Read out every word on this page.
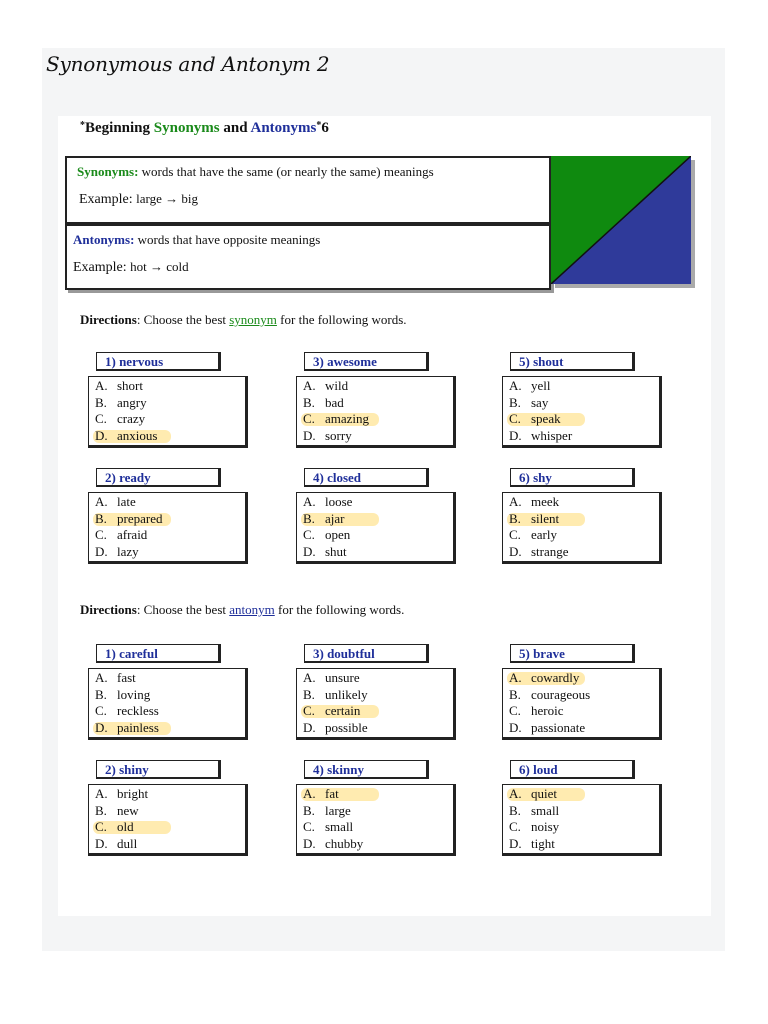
Synonymous and Antonym 2
*Beginning Synonyms and Antonyms*6
Synonyms: words that have the same (or nearly the same) meanings
Example: large → big
Antonyms: words that have opposite meanings
Example: hot → cold
Directions: Choose the best synonym for the following words.
Directions: Choose the best antonym for the following words.
1) nervous
A. short
B. angry
C. crazy
D. anxious
3) awesome
A. wild
B. bad
C. amazing
D. sorry
5) shout
A. yell
B. say
C. speak
D. whisper
2) ready
A. late
B. prepared
C. afraid
D. lazy
4) closed
A. loose
B. ajar
C. open
D. shut
6) shy
A. meek
B. silent
C. early
D. strange
1) careful
A. fast
B. loving
C. reckless
D. painless
3) doubtful
A. unsure
B. unlikely
C. certain
D. possible
5) brave
A. cowardly
B. courageous
C. heroic
D. passionate
2) shiny
A. bright
B. new
C. old
D. dull
4) skinny
A. fat
B. large
C. small
D. chubby
6) loud
A. quiet
B. small
C. noisy
D. tight
